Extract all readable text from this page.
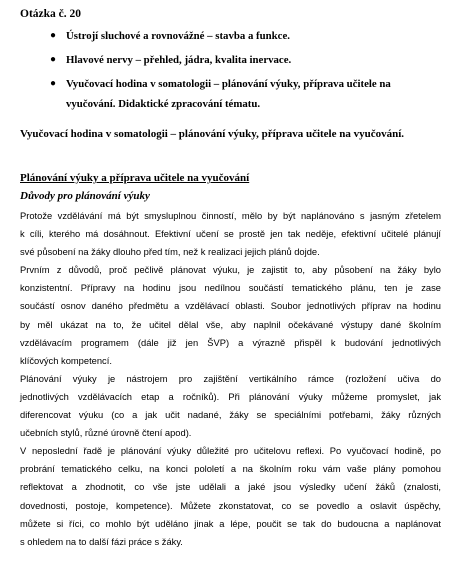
Otázka č. 20
● Ústrojí sluchové a rovnovážné – stavba a funkce.
● Hlavové nervy – přehled, jádra, kvalita inervace.
● Vyučovací hodina v somatologii – plánování výuky, příprava učitele na
vyučování. Didaktické zpracování tématu.
Vyučovací hodina v somatologii – plánování výuky, příprava učitele na vyučování.
Plánování výuky a příprava učitele na vyučování
Důvody pro plánování výuky

Protože vzdělávání má být smysluplnou činností, mělo by být naplánováno s jasným zřetelem
k cíli, kterého má dosáhnout. Efektivní učení se prostě jen tak neděje, efektivní učitelé plánují
své působení na žáky dlouho před tím, než k realizaci jejich plánů dojde.

Prvním z důvodů, proč pečlivě plánovat výuku, je zajistit to, aby působení na žáky bylo
konzistentní. Přípravy na hodinu jsou nedílnou součástí tematického plánu, ten je zase
součástí osnov daného předmětu a vzdělávací oblasti. Soubor jednotlivých příprav na hodinu
by měl ukázat na to, že učitel dělal vše, aby naplnil očekávané výstupy dané školním
vzdělávacím programem (dále již jen ŠVP) a výrazně přispěl k budování jednotlivých
klíčových kompetencí.

Plánování výuky je nástrojem pro zajištění vertikálního rámce (rozložení učiva do
jednotlivých vzdělávacích etap a ročníků). Při plánování výuky můžeme promyslet, jak
diferencovat výuku (co a jak učit nadané, žáky se speciálními potřebami, žáky různých
učebních stylů, různé úrovně čtení apod).

V neposlední řadě je plánování výuky důležité pro učitelovu reflexi. Po vyučovací hodině, po
probrání tematického celku, na konci pololetí a na školním roku vám vaše plány pomohou
reflektovat a zhodnotit, co vše jste udělali a jaké jsou výsledky učení žáků (znalosti,
dovednosti, postoje, kompetence). Můžete zkonstatovat, co se povedlo a oslavit úspěchy,
můžete si říci, co mohlo být uděláno jinak a lépe, poučit se tak do budoucna a naplánovat
s ohledem na to další fázi práce s žáky.
